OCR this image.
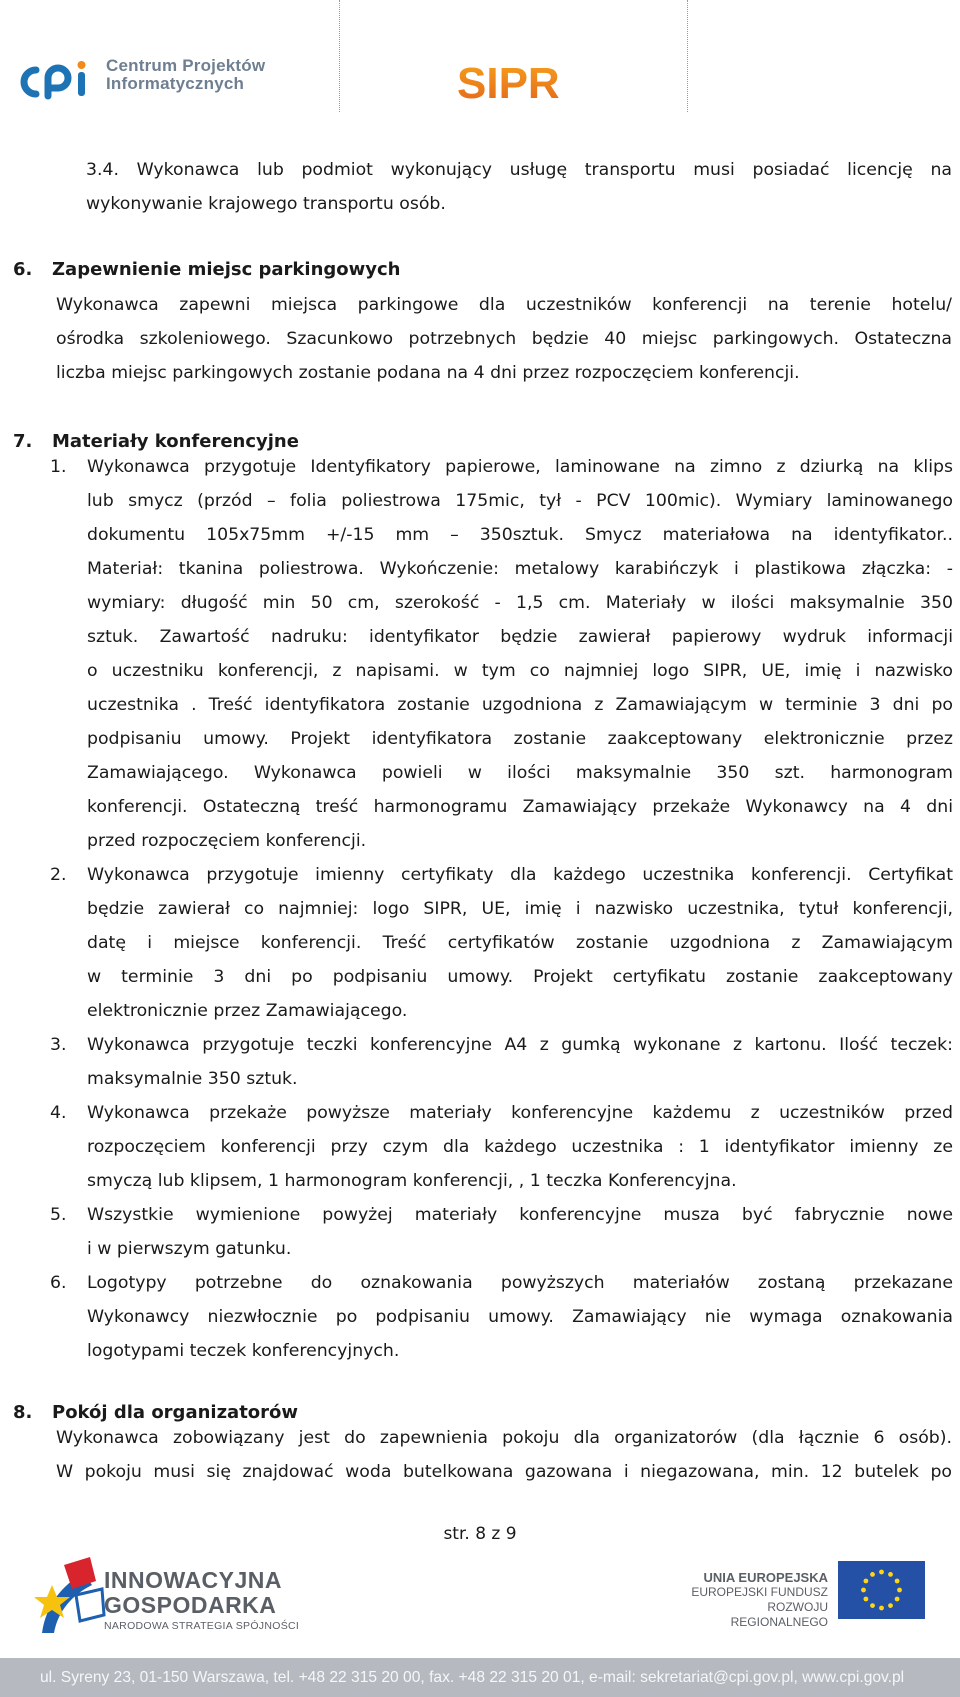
Centrum Projektów
Informatycznych	SIPR
3.4. Wykonawca lub podmiot wykonujący usługę transportu musi posiadać licencję na
wykonywanie krajowego transportu osób.
6. Zapewnienie miejsc parkingowych
Wykonawca zapewni miejsca parkingowe dla uczestników konferencji na terenie hotelu/
ośrodka szkoleniowego. Szacunkowo potrzebnych będzie 40 miejsc parkingowych. Ostateczna
liczba miejsc parkingowych zostanie podana na 4 dni przez rozpoczęciem konferencji.
7. Materiały konferencyjne
1. Wykonawca przygotuje Identyfikatory papierowe, laminowane na zimno z dziurką na klips
lub smycz (przód – folia poliestrowa 175mic, tył - PCV 100mic). Wymiary laminowanego
dokumentu 105x75mm +/-15 mm – 350sztuk. Smycz materiałowa na identyfikator..
Materiał: tkanina poliestrowa. Wykończenie: metalowy karabińczyk i plastikowa złączka: -
wymiary: długość min 50 cm, szerokość - 1,5 cm. Materiały w ilości maksymalnie 350
sztuk. Zawartość nadruku: identyfikator będzie zawierał papierowy wydruk informacji
o uczestniku konferencji, z napisami. w tym co najmniej logo SIPR, UE, imię i nazwisko
uczestnika . Treść identyfikatora zostanie uzgodniona z Zamawiającym w terminie 3 dni po
podpisaniu umowy. Projekt identyfikatora zostanie zaakceptowany elektronicznie przez
Zamawiającego. Wykonawca powieli w ilości maksymalnie 350 szt. harmonogram
konferencji. Ostateczną treść harmonogramu Zamawiający przekaże Wykonawcy na 4 dni
przed rozpoczęciem konferencji.
2. Wykonawca przygotuje imienny certyfikaty dla każdego uczestnika konferencji. Certyfikat
będzie zawierał co najmniej: logo SIPR, UE, imię i nazwisko uczestnika, tytuł konferencji,
datę i miejsce konferencji. Treść certyfikatów zostanie uzgodniona z Zamawiającym
w terminie 3 dni po podpisaniu umowy. Projekt certyfikatu zostanie zaakceptowany
elektronicznie przez Zamawiającego.
3. Wykonawca przygotuje teczki konferencyjne A4 z gumką wykonane z kartonu. Ilość teczek:
maksymalnie 350 sztuk.
4. Wykonawca przekaże powyższe materiały konferencyjne każdemu z uczestników przed
rozpoczęciem konferencji przy czym dla każdego uczestnika : 1 identyfikator imienny ze
smyczą lub klipsem, 1 harmonogram konferencji, , 1 teczka Konferencyjna.
5. Wszystkie wymienione powyżej materiały konferencyjne musza być fabrycznie nowe
i w pierwszym gatunku.
6. Logotypy potrzebne do oznakowania powyższych materiałów zostaną przekazane
Wykonawcy niezwłocznie po podpisaniu umowy. Zamawiający nie wymaga oznakowania
logotypami teczek konferencyjnych.
8. Pokój dla organizatorów
Wykonawca zobowiązany jest do zapewnienia pokoju dla organizatorów (dla łącznie 6 osób).
W pokoju musi się znajdować woda butelkowana gazowana i niegazowana, min. 12 butelek po
str. 8 z 9
INNOWACYJNA
GOSPODARKA
NARODOWA STRATEGIA SPÓJNOŚCI
UNIA EUROPEJSKA
EUROPEJSKI FUNDUSZ
ROZWOJU REGIONALNEGO
ul. Syreny 23, 01-150 Warszawa, tel. +48 22 315 20 00, fax. +48 22 315 20 01, e-mail: sekretariat@cpi.gov.pl, www.cpi.gov.pl
